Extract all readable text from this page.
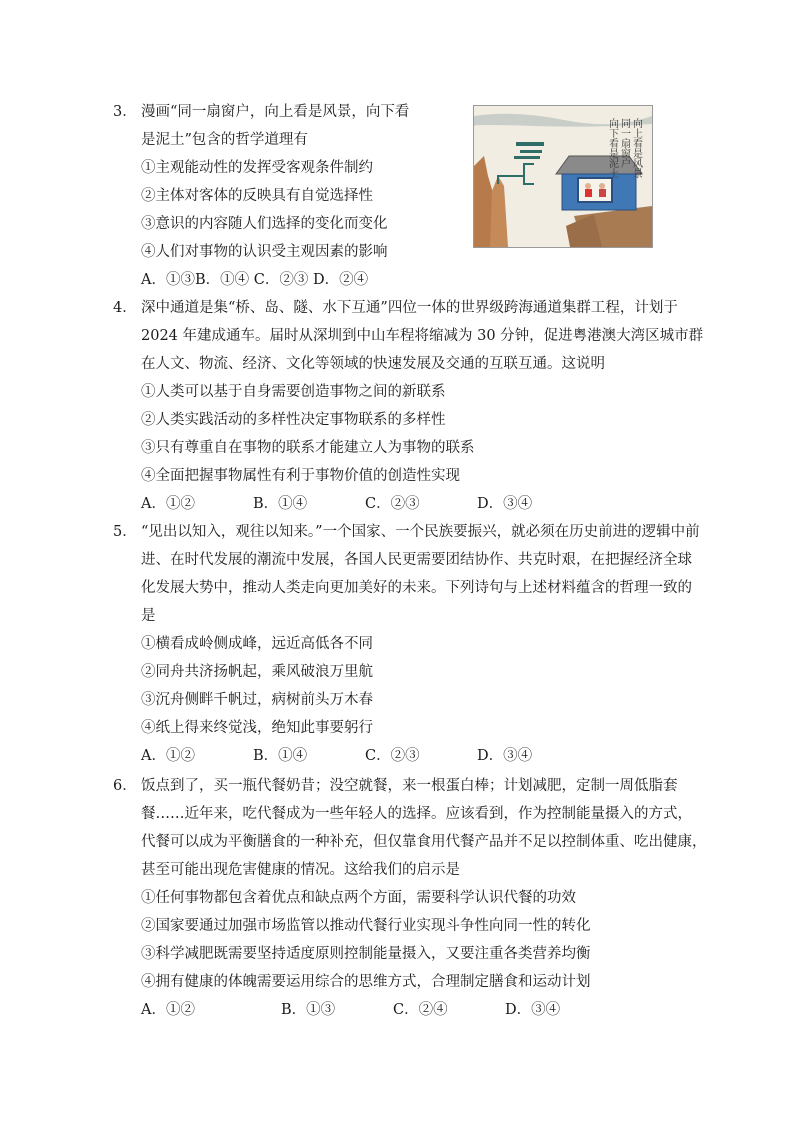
3． 漫画“同一扇窗户，向上看是风景，向下看
是泥土”包含的哲学道理有
①主观能动性的发挥受客观条件制约
②主体对客体的反映具有自觉选择性
③意识的内容随人们选择的变化而变化
④人们对事物的认识受主观因素的影响
A．①③B．①④ C．②③ D．②④
同一扇窗户 向上看是风景
向下看是泥土
4． 深中通道是集“桥、岛、隧、水下互通”四位一体的世界级跨海通道集群工程，计划于
2024 年建成通车。届时从深圳到中山车程将缩减为 30 分钟，促进粤港澳大湾区城市群
在人文、物流、经济、文化等领域的快速发展及交通的互联互通。这说明
①人类可以基于自身需要创造事物之间的新联系
②人类实践活动的多样性决定事物联系的多样性
③只有尊重自在事物的联系才能建立人为事物的联系
④全面把握事物属性有利于事物价值的创造性实现
A．①②	B．①④	C．②③	D．③④
5． “见出以知入，观往以知来。”一个国家、一个民族要振兴，就必须在历史前进的逻辑中前
进、在时代发展的潮流中发展，各国人民更需要团结协作、共克时艰，在把握经济全球
化发展大势中，推动人类走向更加美好的未来。下列诗句与上述材料蕴含的哲理一致的
是
①横看成岭侧成峰，远近高低各不同
②同舟共济扬帆起，乘风破浪万里航
③沉舟侧畔千帆过，病树前头万木春
④纸上得来终觉浅，绝知此事要躬行
A．①②	B．①④	C．②③	D．③④
6． 饭点到了，买一瓶代餐奶昔；没空就餐，来一根蛋白棒；计划减肥，定制一周低脂套
餐……近年来，吃代餐成为一些年轻人的选择。应该看到，作为控制能量摄入的方式，
代餐可以成为平衡膳食的一种补充，但仅靠食用代餐产品并不足以控制体重、吃出健康，
甚至可能出现危害健康的情况。这给我们的启示是
①任何事物都包含着优点和缺点两个方面，需要科学认识代餐的功效
②国家要通过加强市场监管以推动代餐行业实现斗争性向同一性的转化
③科学减肥既需要坚持适度原则控制能量摄入，又要注重各类营养均衡
④拥有健康的体魄需要运用综合的思维方式，合理制定膳食和运动计划
A．①②	B．①③	C．②④	D．③④
